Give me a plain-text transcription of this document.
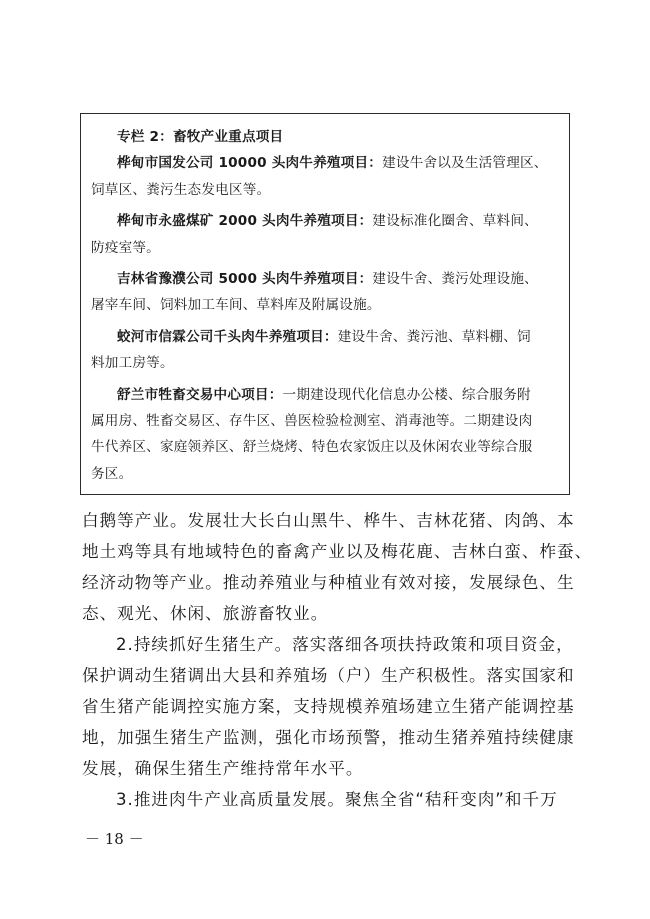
专栏 2：畜牧产业重点项目
桦甸市国发公司 10000 头肉牛养殖项目：建设牛舍以及生活管理区、
饲草区、粪污生态发电区等。
桦甸市永盛煤矿 2000 头肉牛养殖项目：建设标准化圈舍、草料间、
防疫室等。
吉林省豫濮公司 5000 头肉牛养殖项目：建设牛舍、粪污处理设施、
屠宰车间、饲料加工车间、草料库及附属设施。
蛟河市信霖公司千头肉牛养殖项目：建设牛舍、粪污池、草料棚、饲
料加工房等。
舒兰市牲畜交易中心项目：一期建设现代化信息办公楼、综合服务附
属用房、牲畜交易区、存牛区、兽医检验检测室、消毒池等。二期建设肉
牛代养区、家庭领养区、舒兰烧烤、特色农家饭庄以及休闲农业等综合服
务区。
白鹅等产业。发展壮大长白山黑牛、桦牛、吉林花猪、肉鸽、本
地土鸡等具有地域特色的畜禽产业以及梅花鹿、吉林白蛮、柞蚕、
经济动物等产业。推动养殖业与种植业有效对接，发展绿色、生
态、观光、休闲、旅游畜牧业。
2.持续抓好生猪生产。落实落细各项扶持政策和项目资金，
保护调动生猪调出大县和养殖场（户）生产积极性。落实国家和
省生猪产能调控实施方案，支持规模养殖场建立生猪产能调控基
地，加强生猪生产监测，强化市场预警，推动生猪养殖持续健康
发展，确保生猪生产维持常年水平。
3.推进肉牛产业高质量发展。聚焦全省“秸秆变肉”和千万
－ 18 －
